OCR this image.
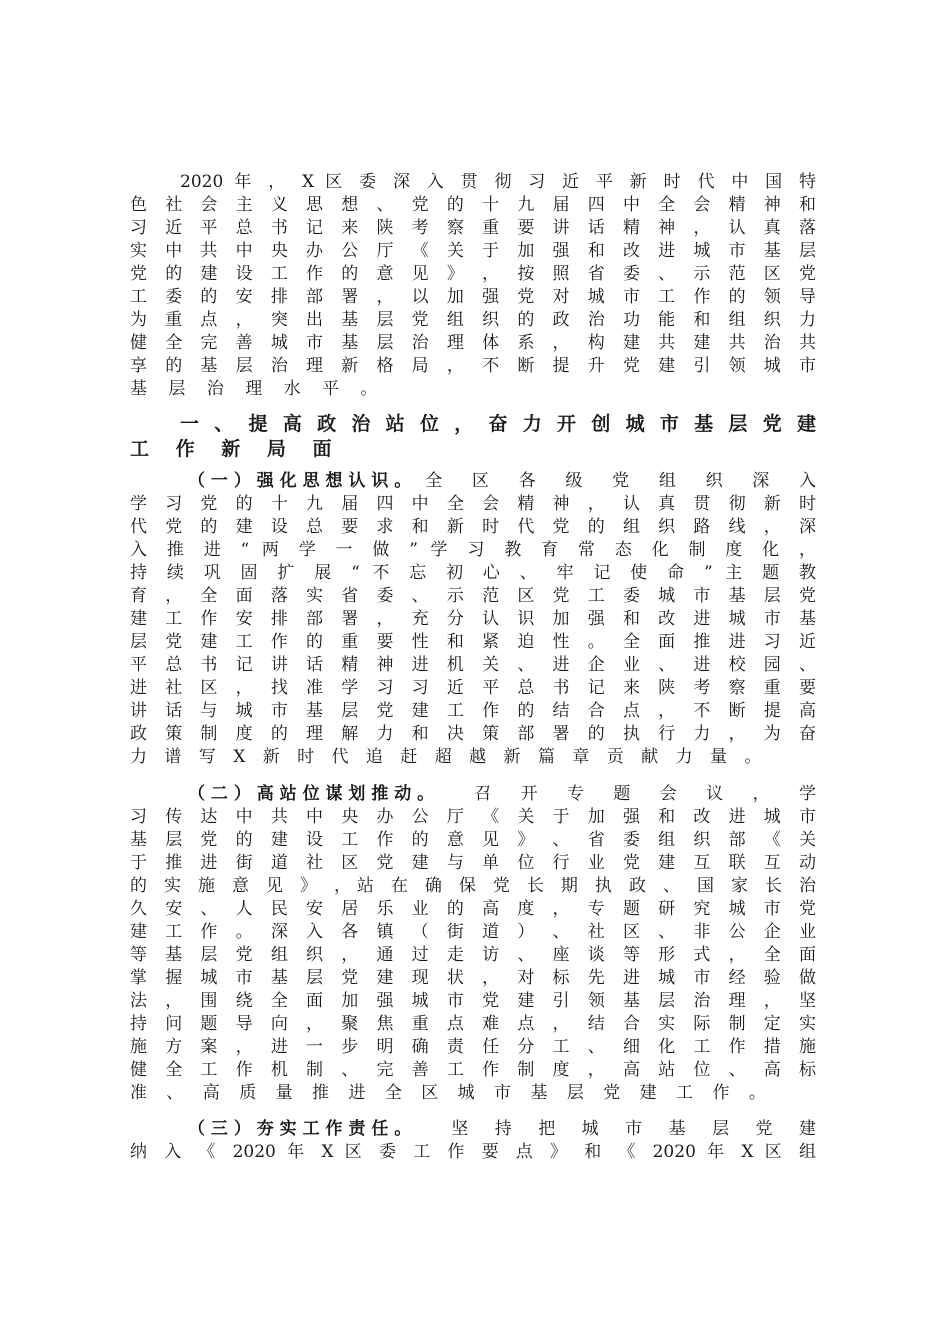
2020 年 ， X 区 委 深 入 贯 彻 习 近 平 新 时 代 中 国 特
色 社 会 主 义 思 想 、 党 的 十 九 届 四 中 全 会 精 神 和
习 近 平 总 书 记 来 陕 考 察 重 要 讲 话 精 神 ， 认 真 落
实 中 共 中 央 办 公 厅 《 关 于 加 强 和 改 进 城 市 基 层
党 的 建 设 工 作 的 意 见 》 ， 按 照 省 委 、 示 范 区 党
工 委 的 安 排 部 署 ， 以 加 强 党 对 城 市 工 作 的 领 导
为 重 点 ， 突 出 基 层 党 组 织 的 政 治 功 能 和 组 织 力
健 全 完 善 城 市 基 层 治 理 体 系 ， 构 建 共 建 共 治 共
享 的 基 层 治 理 新 格 局 ， 不 断 提 升 党 建 引 领 城 市
基 层 治 理 水 平 。
一 、 提 高 政 治 站 位 ， 奋 力 开 创 城 市 基 层 党 建
工 作 新 局 面
（ 一 ） 强 化 思 想 认 识 。 全 区 各 级 党 组 织 深 入
学 习 党 的 十 九 届 四 中 全 会 精 神 ， 认 真 贯 彻 新 时
代 党 的 建 设 总 要 求 和 新 时 代 党 的 组 织 路 线 ， 深
入 推 进 “ 两 学 一 做 ” 学 习 教 育 常 态 化 制 度 化 ，
持 续 巩 固 扩 展 “ 不 忘 初 心 、 牢 记 使 命 ” 主 题 教
育 ， 全 面 落 实 省 委 、 示 范 区 党 工 委 城 市 基 层 党
建 工 作 安 排 部 署 ， 充 分 认 识 加 强 和 改 进 城 市 基
层 党 建 工 作 的 重 要 性 和 紧 迫 性 。 全 面 推 进 习 近
平 总 书 记 讲 话 精 神 进 机 关 、 进 企 业 、 进 校 园 、
进 社 区 ， 找 准 学 习 习 近 平 总 书 记 来 陕 考 察 重 要
讲 话 与 城 市 基 层 党 建 工 作 的 结 合 点 ， 不 断 提 高
政 策 制 度 的 理 解 力 和 决 策 部 署 的 执 行 力 ， 为 奋
力 谱 写 X 新 时 代 追 赶 超 越 新 篇 章 贡 献 力 量 。
（ 二 ） 高 站 位 谋 划 推 动 。 召 开 专 题 会 议 ， 学
习 传 达 中 共 中 央 办 公 厅 《 关 于 加 强 和 改 进 城 市
基 层 党 的 建 设 工 作 的 意 见 》 、 省 委 组 织 部 《 关
于 推 进 街 道 社 区 党 建 与 单 位 行 业 党 建 互 联 互 动
的 实 施 意 见 》 ，站 在 确 保 党 长 期 执 政 、 国 家 长 治
久 安 、 人 民 安 居 乐 业 的 高 度 ， 专 题 研 究 城 市 党
建 工 作 。 深 入 各 镇 （ 街 道 ） 、 社 区 、 非 公 企 业
等 基 层 党 组 织 ， 通 过 走 访 、 座 谈 等 形 式 ， 全 面
掌 握 城 市 基 层 党 建 现 状 ， 对 标 先 进 城 市 经 验 做
法 ， 围 绕 全 面 加 强 城 市 党 建 引 领 基 层 治 理 ， 坚
持 问 题 导 向 ， 聚 焦 重 点 难 点 ， 结 合 实 际 制 定 实
施 方 案 ， 进 一 步 明 确 责 任 分 工 、 细 化 工 作 措 施
健 全 工 作 机 制 、 完 善 工 作 制 度 ， 高 站 位 、 高 标
准 、 高 质 量 推 进 全 区 城 市 基 层 党 建 工 作 。
（ 三 ） 夯 实 工 作 责 任 。 坚 持 把 城 市 基 层 党 建
纳 入 《 2020 年 X 区 委 工 作 要 点 》 和 《 2020 年 X 区 组
